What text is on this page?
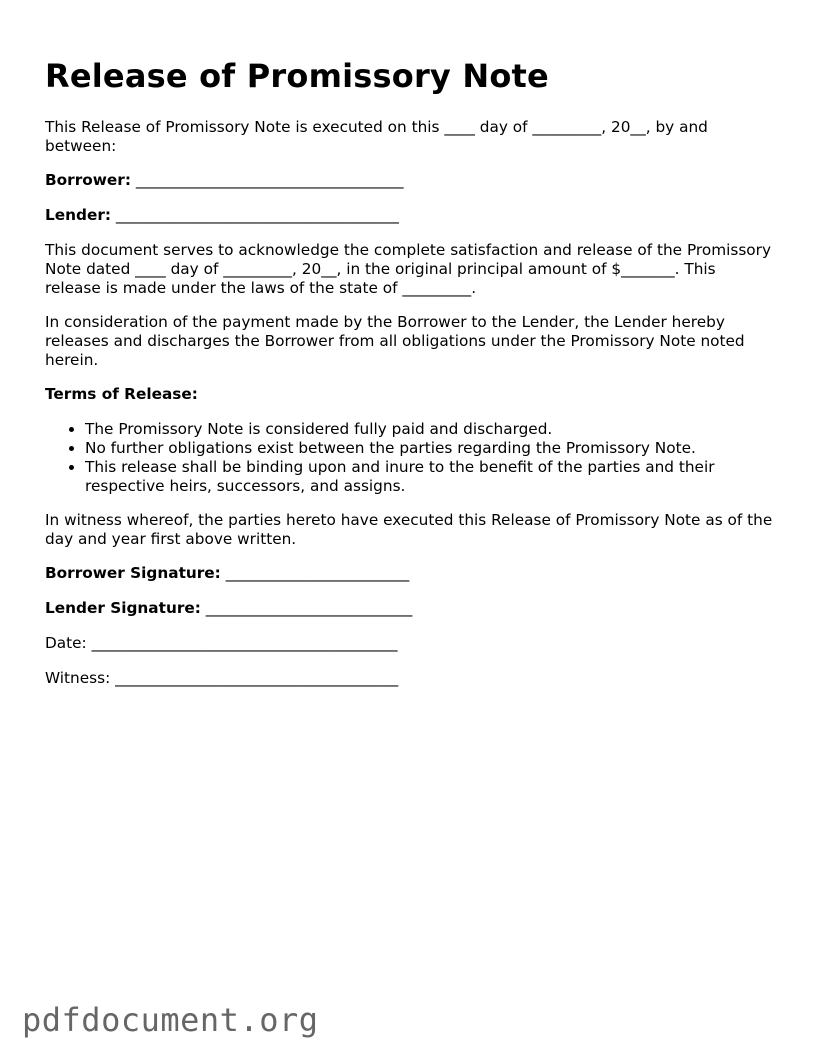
Release of Promissory Note

This Release of Promissory Note is executed on this ____ day of _________, 20__, by and between:

Borrower: ___________________________________
Lender: _____________________________________

This document serves to acknowledge the complete satisfaction and release of the Promissory Note dated ____ day of _________, 20__, in the original principal amount of $_______. This release is made under the laws of the state of _________.

In consideration of the payment made by the Borrower to the Lender, the Lender hereby releases and discharges the Borrower from all obligations under the Promissory Note noted herein.

Terms of Release:
• The Promissory Note is considered fully paid and discharged.
• No further obligations exist between the parties regarding the Promissory Note.
• This release shall be binding upon and inure to the benefit of the parties and their respective heirs, successors, and assigns.

In witness whereof, the parties hereto have executed this Release of Promissory Note as of the day and year first above written.

Borrower Signature: ________________________
Lender Signature: ___________________________
Date: ________________________________________
Witness: _____________________________________
pdfdocument.org
